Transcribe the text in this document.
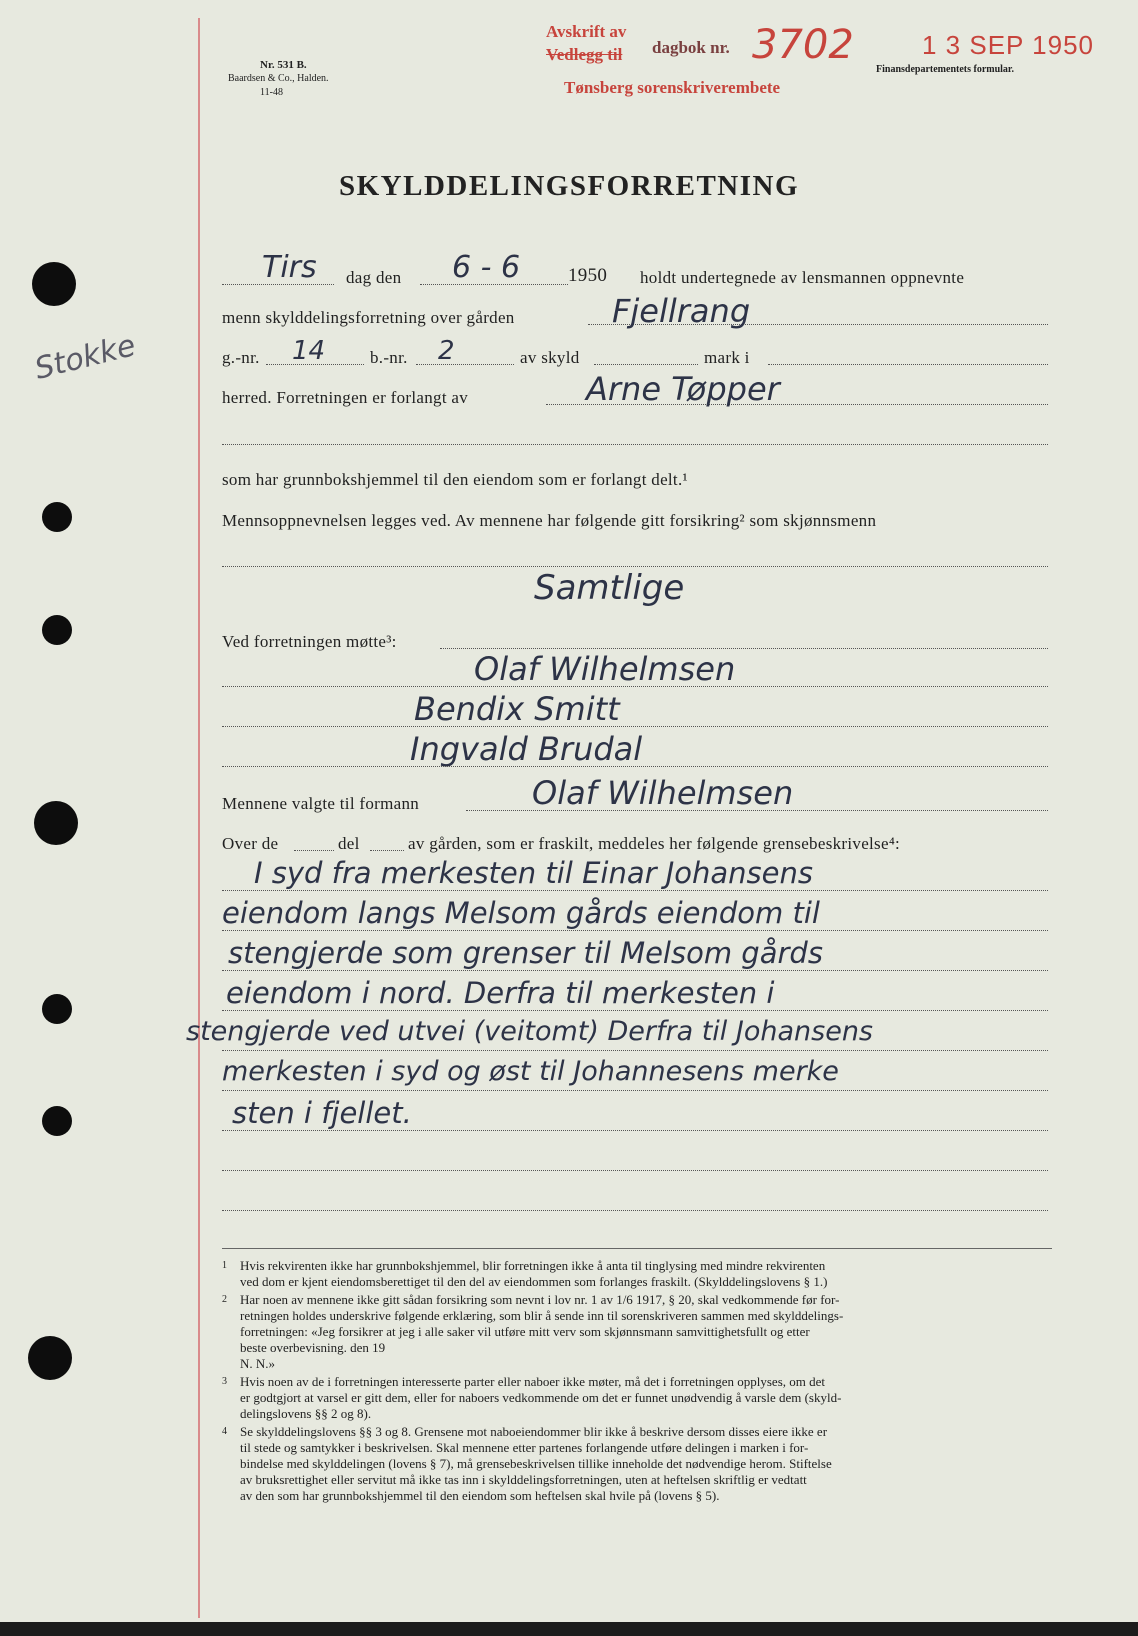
Nr. 531 B.
Baardsen & Co., Halden.
11-48
Avskrift av
Vedlegg til dagbok nr. 3702
Tønsberg sorenskriverembete
1 3 SEP 1950
Finansdepartementets formular.
SKYLDDELINGSFORRETNING
Stokke
Tirs dag den 6 - 6	1950 holdt undertegnede av lensmannen oppnevnte
menn skylddelingsforretning over gården	Fjellrang
g.-nr. 14	b.-nr. 2	av skyld	mark i
herred. Forretningen er forlangt av	Arne Tøpper
som har grunnbokshjemmel til den eiendom som er forlangt delt.¹
Mennsoppnevnelsen legges ved. Av mennene har følgende gitt forsikring² som skjønnsmenn
Samtlige
Ved forretningen møtte³:
Olaf Wilhelmsen
Bendix Smitt
Ingvald Brudal
Mennene valgte til formann	Olaf Wilhelmsen
Over de	del	av gården, som er fraskilt, meddeles her følgende grensebeskrivelse⁴:
I syd fra merkesten til Einar Johansens
eiendom langs Melsom gårds eiendom til
stengjerde som grenser til Melsom gårds
eiendom i nord. Derfra til merkesten i
stengjerde ved utvei (veitomt) Derfra til Johansens
merkesten i syd og øst til Johannesens merke
sten i fjellet.
1 Hvis rekvirenten ikke har grunnbokshjemmel, blir forretningen ikke å anta til tinglysing med mindre rekvirenten
ved dom er kjent eiendomsberettiget til den del av eiendommen som forlanges fraskilt. (Skylddelingslovens § 1.)
2 Har noen av mennene ikke gitt sådan forsikring som nevnt i lov nr. 1 av 1/6 1917, § 20, skal vedkommende før for-
retningen holdes underskrive følgende erklæring, som blir å sende inn til sorenskriveren sammen med skylddelings-
forretningen: «Jeg forsikrer at jeg i alle saker vil utføre mitt verv som skjønnsmann samvittighetsfullt og etter
beste overbevisning. den 19
N. N.»
3 Hvis noen av de i forretningen interesserte parter eller naboer ikke møter, må det i forretningen opplyses, om det
er godtgjort at varsel er gitt dem, eller for naboers vedkommende om det er funnet unødvendig å varsle dem (skyld-
delingslovens §§ 2 og 8).
4 Se skylddelingslovens §§ 3 og 8. Grensene mot naboeiendommer blir ikke å beskrive dersom disses eiere ikke er
til stede og samtykker i beskrivelsen. Skal mennene etter partenes forlangende utføre delingen i marken i for-
bindelse med skylddelingen (lovens § 7), må grensebeskrivelsen tillike inneholde det nødvendige herom. Stiftelse
av bruksrettighet eller servitut må ikke tas inn i skylddelingsforretningen, uten at heftelsen skriftlig er vedtatt
av den som har grunnbokshjemmel til den eiendom som heftelsen skal hvile på (lovens § 5).
